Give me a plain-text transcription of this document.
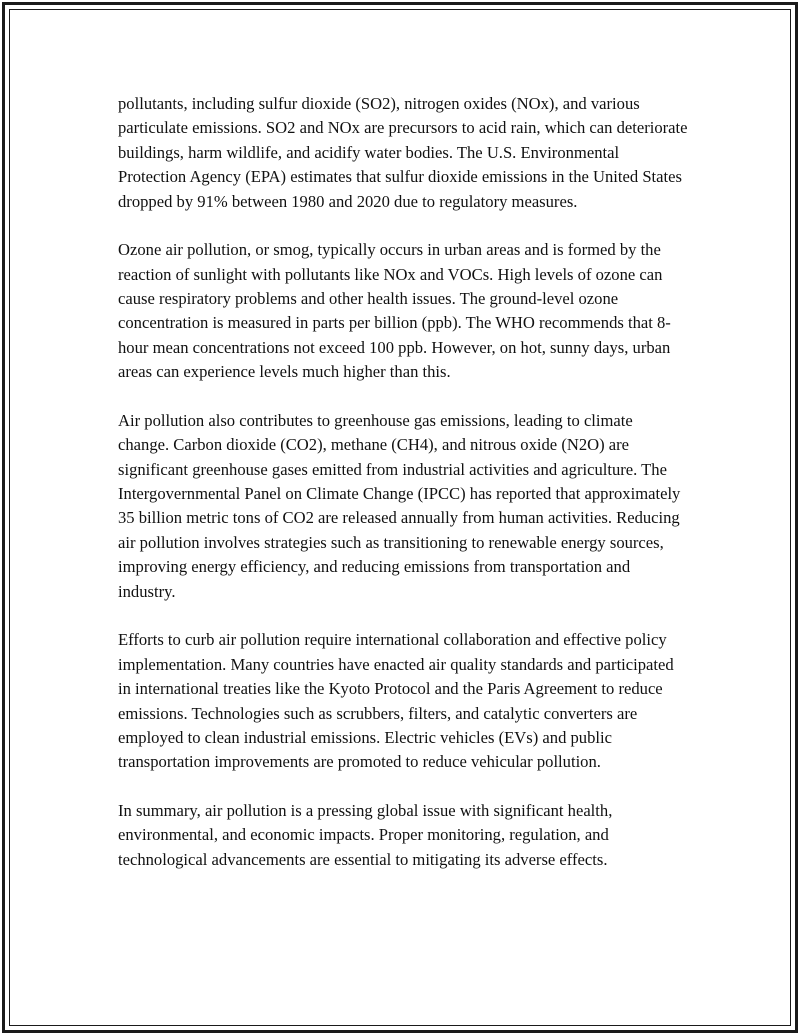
pollutants, including sulfur dioxide (SO2), nitrogen oxides (NOx), and various particulate emissions. SO2 and NOx are precursors to acid rain, which can deteriorate buildings, harm wildlife, and acidify water bodies. The U.S. Environmental Protection Agency (EPA) estimates that sulfur dioxide emissions in the United States dropped by 91% between 1980 and 2020 due to regulatory measures.

Ozone air pollution, or smog, typically occurs in urban areas and is formed by the reaction of sunlight with pollutants like NOx and VOCs. High levels of ozone can cause respiratory problems and other health issues. The ground-level ozone concentration is measured in parts per billion (ppb). The WHO recommends that 8-hour mean concentrations not exceed 100 ppb. However, on hot, sunny days, urban areas can experience levels much higher than this.

Air pollution also contributes to greenhouse gas emissions, leading to climate change. Carbon dioxide (CO2), methane (CH4), and nitrous oxide (N2O) are significant greenhouse gases emitted from industrial activities and agriculture. The Intergovernmental Panel on Climate Change (IPCC) has reported that approximately 35 billion metric tons of CO2 are released annually from human activities. Reducing air pollution involves strategies such as transitioning to renewable energy sources, improving energy efficiency, and reducing emissions from transportation and industry.

Efforts to curb air pollution require international collaboration and effective policy implementation. Many countries have enacted air quality standards and participated in international treaties like the Kyoto Protocol and the Paris Agreement to reduce emissions. Technologies such as scrubbers, filters, and catalytic converters are employed to clean industrial emissions. Electric vehicles (EVs) and public transportation improvements are promoted to reduce vehicular pollution.

In summary, air pollution is a pressing global issue with significant health, environmental, and economic impacts. Proper monitoring, regulation, and technological advancements are essential to mitigating its adverse effects.
